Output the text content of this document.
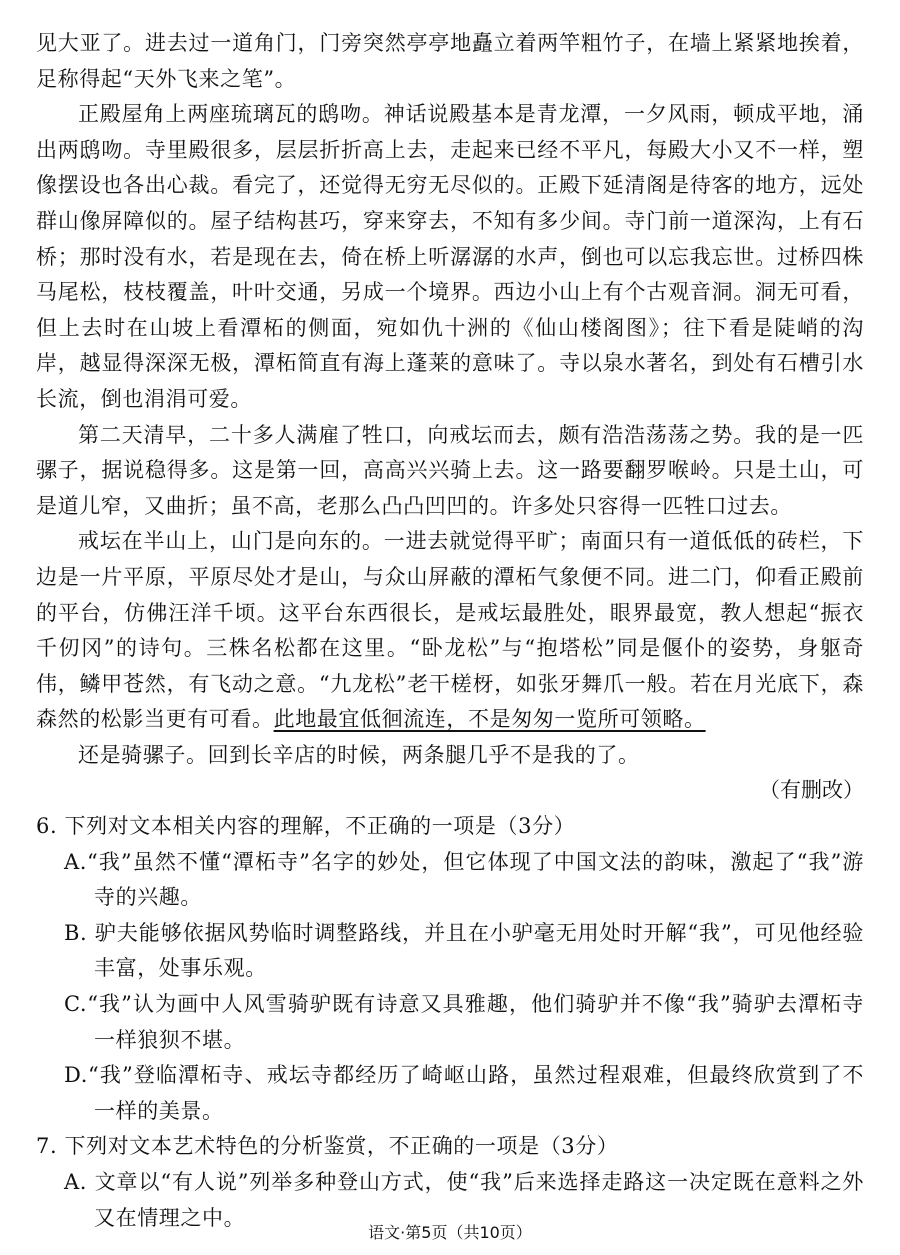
见大亚了。进去过一道角门，门旁突然亭亭地矗立着两竿粗竹子，在墙上紧紧地挨着，足称得起“天外飞来之笔”。

正殿屋角上两座琉璃瓦的鸱吻。神话说殿基本是青龙潭，一夕风雨，顿成平地，涌出两鸱吻。寺里殿很多，层层折折高上去，走起来已经不平凡，每殿大小又不一样，塑像摆设也各出心裁。看完了，还觉得无穷无尽似的。正殿下延清阁是待客的地方，远处群山像屏障似的。屋子结构甚巧，穿来穿去，不知有多少间。寺门前一道深沟，上有石桥；那时没有水，若是现在去，倚在桥上听潺潺的水声，倒也可以忘我忘世。过桥四株马尾松，枝枝覆盖，叶叶交通，另成一个境界。西边小山上有个古观音洞。洞无可看，但上去时在山坡上看潭柘的侧面，宛如仇十洲的《仙山楼阁图》；往下看是陡峭的沟岸，越显得深深无极，潭柘简直有海上蓬莱的意味了。寺以泉水著名，到处有石槽引水长流，倒也涓涓可爱。

第二天清早，二十多人满雇了牲口，向戒坛而去，颇有浩浩荡荡之势。我的是一匹骡子，据说稳得多。这是第一回，高高兴兴骑上去。这一路要翻罗喉岭。只是土山，可是道儿窄，又曲折；虽不高，老那么凸凸凹凹的。许多处只容得一匹牲口过去。

戒坛在半山上，山门是向东的。一进去就觉得平旷；南面只有一道低低的砖栏，下边是一片平原，平原尽处才是山，与众山屏蔽的潭柘气象便不同。进二门，仰看正殿前的平台，仿佛汪洋千顷。这平台东西很长，是戒坛最胜处，眼界最宽，教人想起“振衣千仞冈”的诗句。三株名松都在这里。“卧龙松”与“抱塔松”同是偃仆的姿势，身躯奇伟，鳞甲苍然，有飞动之意。“九龙松”老干槎枒，如张牙舞爪一般。若在月光底下，森森然的松影当更有可看。此地最宜低徊流连，不是匆匆一览所可领略。

还是骑骡子。回到长辛店的时候，两条腿几乎不是我的了。

（有删改）

6. 下列对文本相关内容的理解，不正确的一项是（3分）

A.“我”虽然不懂“潭柘寺”名字的妙处，但它体现了中国文法的韵味，激起了“我”游寺的兴趣。

B. 驴夫能够依据风势临时调整路线，并且在小驴毫无用处时开解“我”，可见他经验丰富，处事乐观。

C.“我”认为画中人风雪骑驴既有诗意又具雅趣，他们骑驴并不像“我”骑驴去潭柘寺一样狼狈不堪。

D.“我”登临潭柘寺、戒坛寺都经历了崎岖山路，虽然过程艰难，但最终欣赏到了不一样的美景。

7. 下列对文本艺术特色的分析鉴赏，不正确的一项是（3分）

A. 文章以“有人说”列举多种登山方式，使“我”后来选择走路这一决定既在意料之外又在情理之中。

语文·第5页（共10页）
